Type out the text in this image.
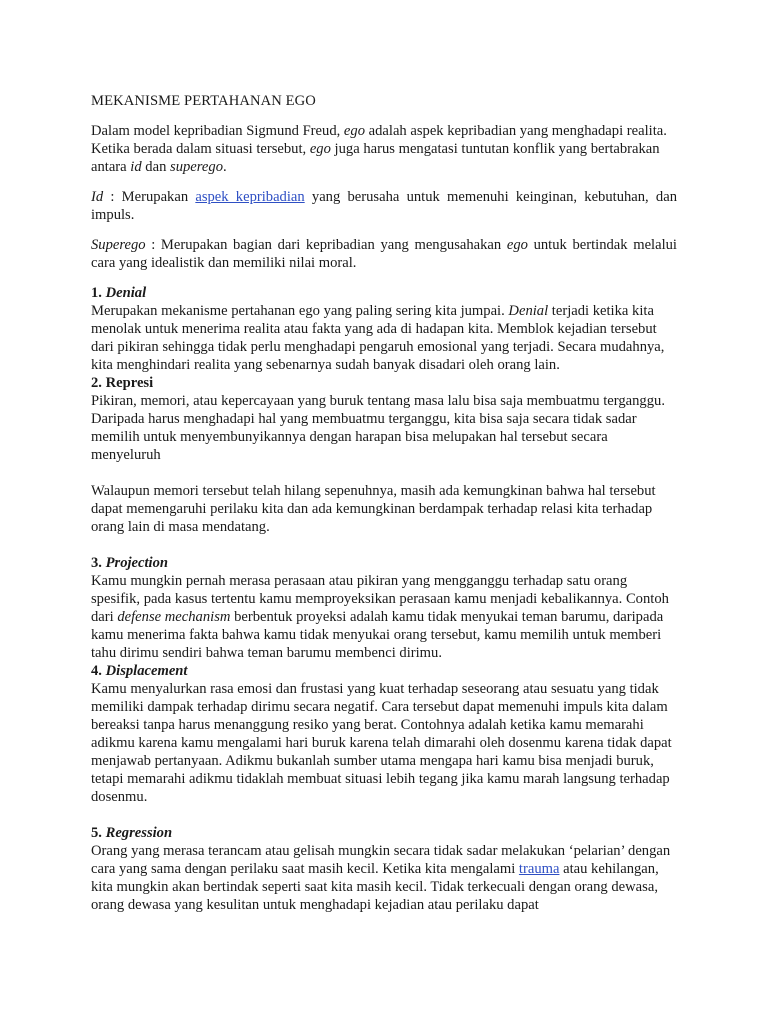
MEKANISME PERTAHANAN EGO

Dalam model kepribadian Sigmund Freud, ego adalah aspek kepribadian yang menghadapi realita. Ketika berada dalam situasi tersebut, ego juga harus mengatasi tuntutan konflik yang bertabrakan antara id dan superego.

Id : Merupakan aspek kepribadian yang berusaha untuk memenuhi keinginan, kebutuhan, dan impuls.

Superego : Merupakan bagian dari kepribadian yang mengusahakan ego untuk bertindak melalui cara yang idealistik dan memiliki nilai moral.

1. Denial

Merupakan mekanisme pertahanan ego yang paling sering kita jumpai. Denial terjadi ketika kita menolak untuk menerima realita atau fakta yang ada di hadapan kita. Memblok kejadian tersebut dari pikiran sehingga tidak perlu menghadapi pengaruh emosional yang terjadi. Secara mudahnya, kita menghindari realita yang sebenarnya sudah banyak disadari oleh orang lain.

2. Represi

Pikiran, memori, atau kepercayaan yang buruk tentang masa lalu bisa saja membuatmu terganggu. Daripada harus menghadapi hal yang membuatmu terganggu, kita bisa saja secara tidak sadar memilih untuk menyembunyikannya dengan harapan bisa melupakan hal tersebut secara menyeluruh

Walaupun memori tersebut telah hilang sepenuhnya, masih ada kemungkinan bahwa hal tersebut dapat memengaruhi perilaku kita dan ada kemungkinan berdampak terhadap relasi kita terhadap orang lain di masa mendatang.

3. Projection

Kamu mungkin pernah merasa perasaan atau pikiran yang mengganggu terhadap satu orang spesifik, pada kasus tertentu kamu memproyeksikan perasaan kamu menjadi kebalikannya. Contoh dari defense mechanism berbentuk proyeksi adalah kamu tidak menyukai teman barumu, daripada kamu menerima fakta bahwa kamu tidak menyukai orang tersebut, kamu memilih untuk memberi tahu dirimu sendiri bahwa teman barumu membenci dirimu.

4. Displacement

Kamu menyalurkan rasa emosi dan frustasi yang kuat terhadap seseorang atau sesuatu yang tidak memiliki dampak terhadap dirimu secara negatif. Cara tersebut dapat memenuhi impuls kita dalam bereaksi tanpa harus menanggung resiko yang berat. Contohnya adalah ketika kamu memarahi adikmu karena kamu mengalami hari buruk karena telah dimarahi oleh dosenmu karena tidak dapat menjawab pertanyaan. Adikmu bukanlah sumber utama mengapa hari kamu bisa menjadi buruk, tetapi memarahi adikmu tidaklah membuat situasi lebih tegang jika kamu marah langsung terhadap dosenmu.

5. Regression

Orang yang merasa terancam atau gelisah mungkin secara tidak sadar melakukan ‘pelarian’ dengan cara yang sama dengan perilaku saat masih kecil. Ketika kita mengalami trauma atau kehilangan, kita mungkin akan bertindak seperti saat kita masih kecil. Tidak terkecuali dengan orang dewasa, orang dewasa yang kesulitan untuk menghadapi kejadian atau perilaku dapat
